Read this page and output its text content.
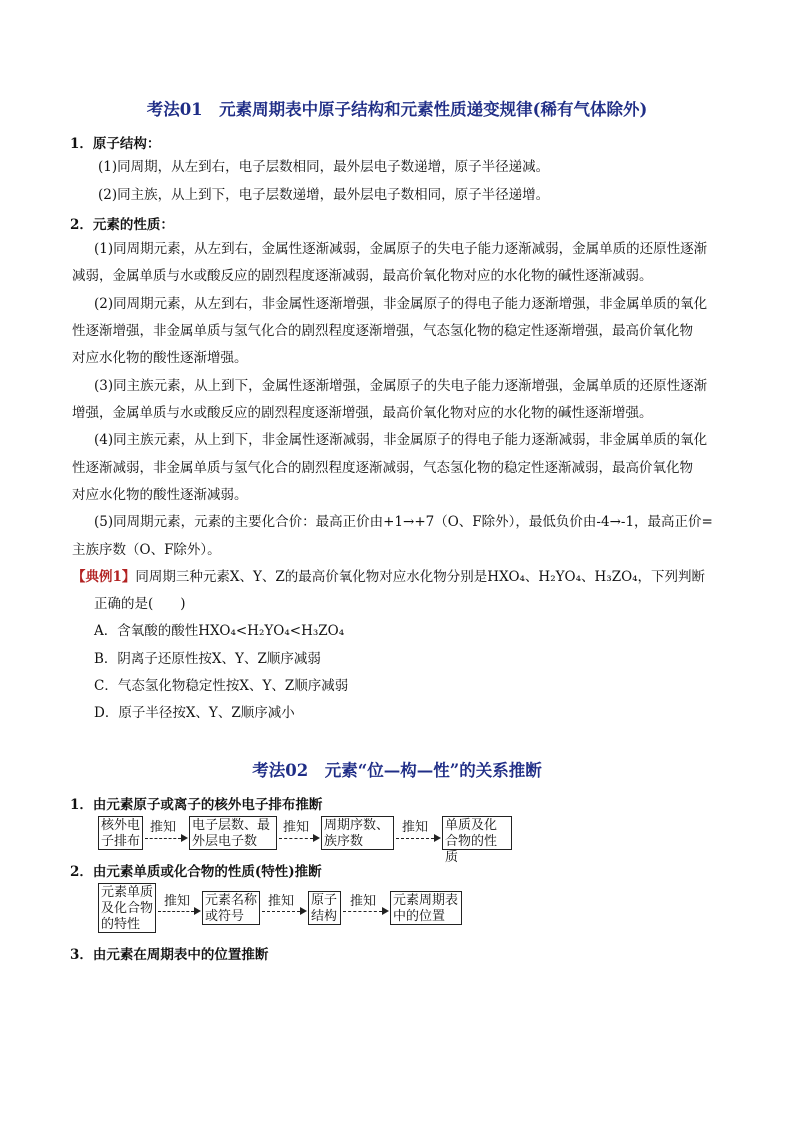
考法01　元素周期表中原子结构和元素性质递变规律(稀有气体除外)
1．原子结构：
(1)同周期，从左到右，电子层数相同，最外层电子数递增，原子半径递减。
(2)同主族，从上到下，电子层数递增，最外层电子数相同，原子半径递增。
2．元素的性质：
(1)同周期元素，从左到右，金属性逐渐减弱，金属原子的失电子能力逐渐减弱，金属单质的还原性逐渐
减弱，金属单质与水或酸反应的剧烈程度逐渐减弱，最高价氧化物对应的水化物的碱性逐渐减弱。
(2)同周期元素，从左到右，非金属性逐渐增强，非金属原子的得电子能力逐渐增强，非金属单质的氧化
性逐渐增强，非金属单质与氢气化合的剧烈程度逐渐增强，气态氢化物的稳定性逐渐增强，最高价氧化物
对应水化物的酸性逐渐增强。
(3)同主族元素，从上到下，金属性逐渐增强，金属原子的失电子能力逐渐增强，金属单质的还原性逐渐
增强，金属单质与水或酸反应的剧烈程度逐渐增强，最高价氧化物对应的水化物的碱性逐渐增强。
(4)同主族元素，从上到下，非金属性逐渐减弱，非金属原子的得电子能力逐渐减弱，非金属单质的氧化
性逐渐减弱，非金属单质与氢气化合的剧烈程度逐渐减弱，气态氢化物的稳定性逐渐减弱，最高价氧化物
对应水化物的酸性逐渐减弱。
(5)同周期元素，元素的主要化合价：最高正价由+1→+7（O、F除外），最低负价由-4→-1，最高正价=
主族序数（O、F除外）。
【典例1】同周期三种元素X、Y、Z的最高价氧化物对应水化物分别是HXO₄、H₂YO₄、H₃ZO₄，下列判断
正确的是(　　)
A．含氧酸的酸性HXO₄<H₂YO₄<H₃ZO₄
B．阴离子还原性按X、Y、Z顺序减弱
C．气态氢化物稳定性按X、Y、Z顺序减弱
D．原子半径按X、Y、Z顺序减小
考法02　元素“位—构—性”的关系推断
1．由元素原子或离子的核外电子排布推断
核外电子排布
推知 电子层数、最外层电子数
推知 周期序数、族序数
推知 单质及化合物的性质
2．由元素单质或化合物的性质(特性)推断
元素单质及化合物的特性
推知 元素名称或符号
推知 原子结构
推知 元素周期表中的位置
3．由元素在周期表中的位置推断
